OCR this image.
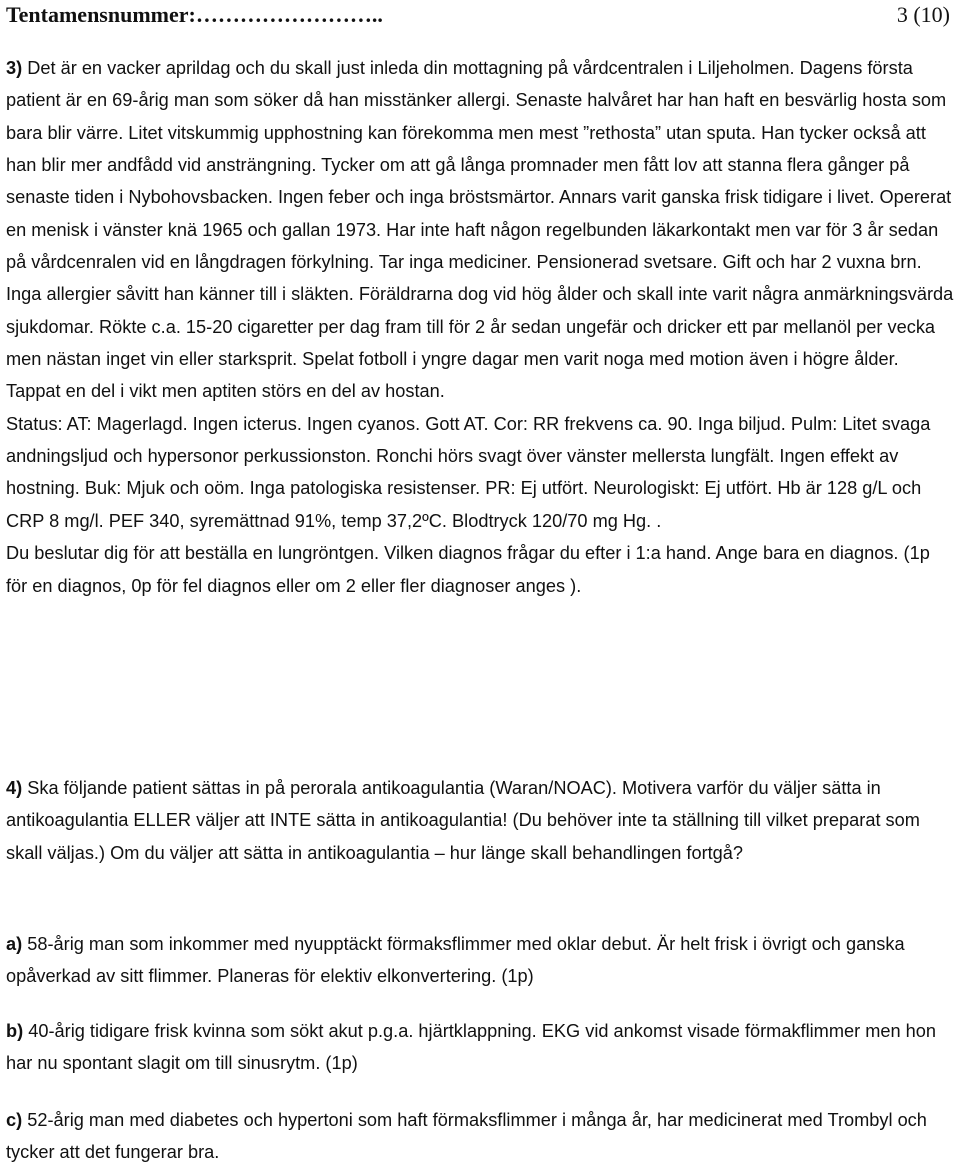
Tentamensnummer:……………………..	3 (10)
3) Det är en vacker aprildag och du skall just inleda din mottagning på vårdcentralen i Liljeholmen. Dagens första patient är en 69-årig man som söker då han misstänker allergi. Senaste halvåret har han haft en besvärlig hosta som bara blir värre. Litet vitskummig upphostning kan förekomma men mest ”rethosta” utan sputa. Han tycker också att han blir mer andfådd vid ansträngning. Tycker om att gå långa promnader men fått lov att stanna flera gånger på senaste tiden i Nybohovsbacken. Ingen feber och inga bröstsmärtor. Annars varit ganska frisk tidigare i livet. Opererat en menisk i vänster knä 1965 och gallan 1973. Har inte haft någon regelbunden läkarkontakt men var för 3 år sedan på vårdcenralen vid en långdragen förkylning. Tar inga mediciner. Pensionerad svetsare. Gift och har 2 vuxna brn. Inga allergier såvitt han känner till i släkten. Föräldrarna dog vid hög ålder och skall inte varit några anmärkningsvärda sjukdomar. Rökte c.a. 15-20 cigaretter per dag fram till för 2 år sedan ungefär och dricker ett par mellanöl per vecka men nästan inget vin eller starksprit. Spelat fotboll i yngre dagar men varit noga med motion även i högre ålder. Tappat en del i vikt men aptiten störs en del av hostan.
Status: AT: Magerlagd. Ingen icterus. Ingen cyanos. Gott AT. Cor: RR frekvens ca. 90. Inga biljud. Pulm: Litet svaga andningsljud och hypersonor perkussionston. Ronchi hörs svagt över vänster mellersta lungfält. Ingen effekt av hostning. Buk: Mjuk och oöm. Inga patologiska resistenser. PR: Ej utfört. Neurologiskt: Ej utfört. Hb är 128 g/L och CRP 8 mg/l. PEF 340, syremättnad 91%, temp 37,2ºC. Blodtryck 120/70 mg Hg. .
Du beslutar dig för att beställa en lungröntgen. Vilken diagnos frågar du efter i 1:a hand. Ange bara en diagnos. (1p för en diagnos, 0p för fel diagnos eller om 2 eller fler diagnoser anges ).
4) Ska följande patient sättas in på perorala antikoagulantia (Waran/NOAC). Motivera varför du väljer sätta in antikoagulantia ELLER väljer att INTE sätta in antikoagulantia! (Du behöver inte ta ställning till vilket preparat som skall väljas.) Om du väljer att sätta in antikoagulantia – hur länge skall behandlingen fortgå?
a) 58-årig man som inkommer med nyupptäckt förmaksflimmer med oklar debut. Är helt frisk i övrigt och ganska opåverkad av sitt flimmer. Planeras för elektiv elkonvertering. (1p)
b) 40-årig tidigare frisk kvinna som sökt akut p.g.a. hjärtklappning. EKG vid ankomst visade förmakflimmer men hon har nu spontant slagit om till sinusrytm. (1p)
c) 52-årig man med diabetes och hypertoni som haft förmaksflimmer i många år, har medicinerat med Trombyl och tycker att det fungerar bra.
